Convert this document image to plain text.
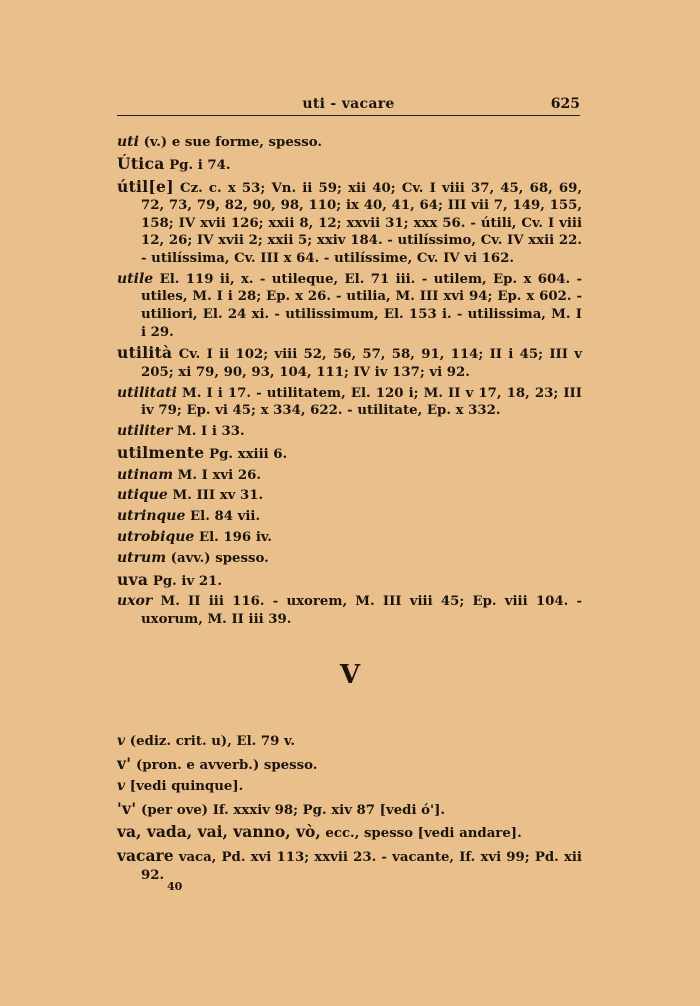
uti - vacare	625
uti (v.) e sue forme, spesso.
Útica Pg. i 74.
útil[e] Cz. c. x 53; Vn. ii 59; xii 40; Cv. I viii 37, 45, 68, 69, 72, 73, 79, 82, 90, 98, 110; ix 40, 41, 64; III vii 7, 149, 155, 158; IV xvii 126; xxii 8, 12; xxvii 31; xxx 56. - útili, Cv. I viii 12, 26; IV xvii 2; xxii 5; xxiv 184. - utilíssimo, Cv. IV xxii 22. - utilíssima, Cv. III x 64. - utilíssime, Cv. IV vi 162.
utile El. 119 ii, x. - utileque, El. 71 iii. - utilem, Ep. x 604. - utiles, M. I i 28; Ep. x 26. - utilia, M. III xvi 94; Ep. x 602. - utiliori, El. 24 xi. - utilissimum, El. 153 i. - utilissima, M. I i 29.
utilità Cv. I ii 102; viii 52, 56, 57, 58, 91, 114; II i 45; III v 205; xi 79, 90, 93, 104, 111; IV iv 137; vi 92.
utilitati M. I i 17. - utilitatem, El. 120 i; M. II v 17, 18, 23; III iv 79; Ep. vi 45; x 334, 622. - utilitate, Ep. x 332.
utiliter M. I i 33.
utilmente Pg. xxiii 6.
utinam M. I xvi 26.
utique M. III xv 31.
utrinque El. 84 vii.
utrobique El. 196 iv.
utrum (avv.) spesso.
uva Pg. iv 21.
uxor M. II iii 116. - uxorem, M. III viii 45; Ep. viii 104. - uxorum, M. II iii 39.
V
v (ediz. crit. u), El. 79 v.
v' (pron. e avverb.) spesso.
v [vedi quinque].
'v' (per ove) If. xxxiv 98; Pg. xiv 87 [vedi ó'].
va, vada, vai, vanno, vò, ecc., spesso [vedi andare].
vacare vaca, Pd. xvi 113; xxvii 23. - vacante, If. xvi 99; Pd. xii 92.
40
